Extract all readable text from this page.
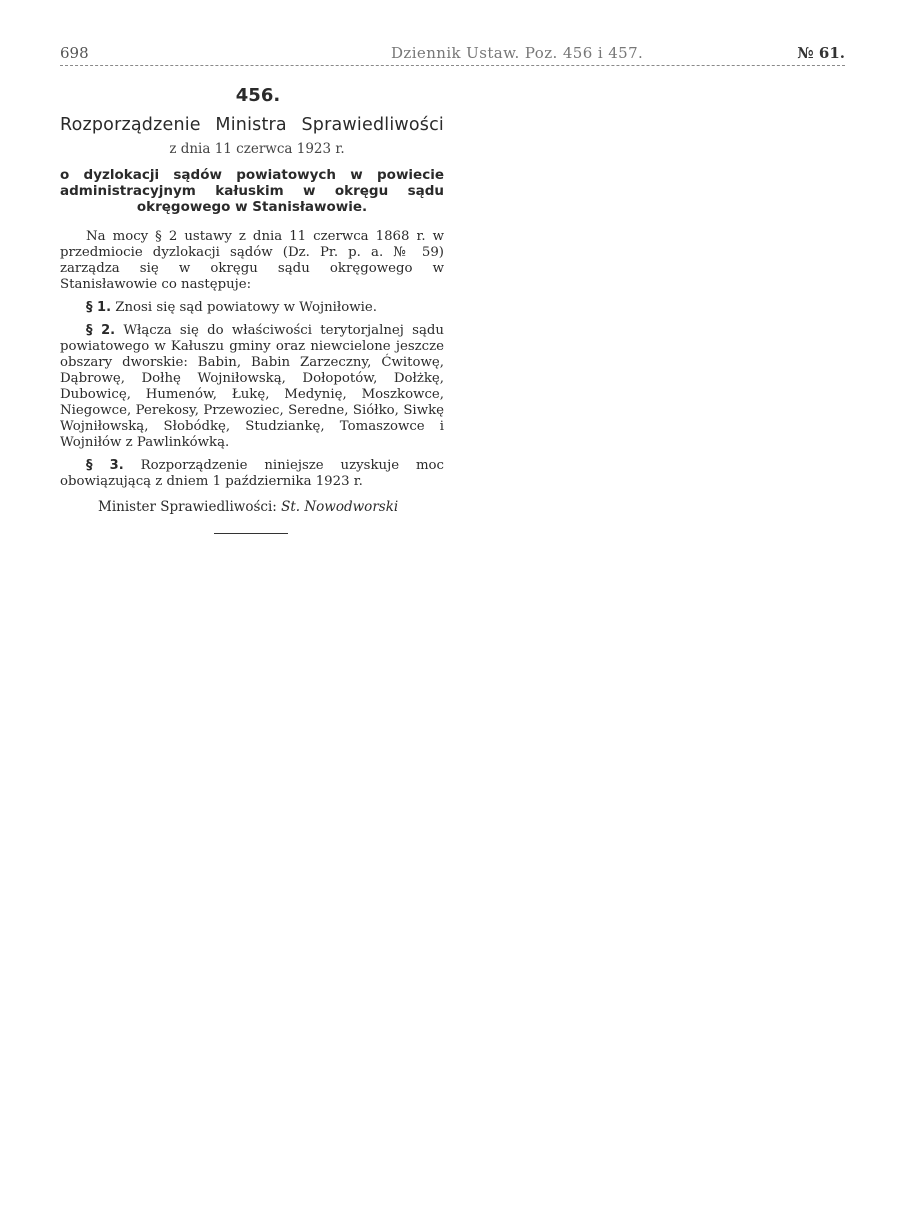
698	Dziennik Ustaw. Poz. 456 i 457.	№ 61.
456.
Rozporządzenie Ministra Sprawiedliwości
z dnia 11 czerwca 1923 r.
o dyzlokacji sądów powiatowych w powiecie
administracyjnym kałuskim w okręgu sądu
okręgowego w Stanisławowie.

Na mocy § 2 ustawy z dnia 11 czerwca 1868 r. w przedmiocie dyzlokacji sądów (Dz. Pr. p. a. № 59) zarządza się w okręgu sądu okręgowego w Stanisławowie co następuje:

§ 1. Znosi się sąd powiatowy w Wojniłowie.

§ 2. Włącza się do właściwości terytorjalnej sądu powiatowego w Kałuszu gminy oraz niewcielone jeszcze obszary dworskie: Babin, Babin Zarzeczny, Ćwitowę, Dąbrowę, Dołhę Wojniłowską, Dołopotów, Dołżkę, Dubowicę, Humenów, Łukę, Medynię, Moszkowce, Niegowce, Perekosy, Przewoziec, Seredne, Siółko, Siwkę Wojniłowską, Słobódkę, Studziankę, Tomaszowce i Wojniłów z Pawlinkówką.

§ 3. Rozporządzenie niniejsze uzyskuje moc obowiązującą z dniem 1 października 1923 r.

Minister Sprawiedliwości: St. Nowodworski
